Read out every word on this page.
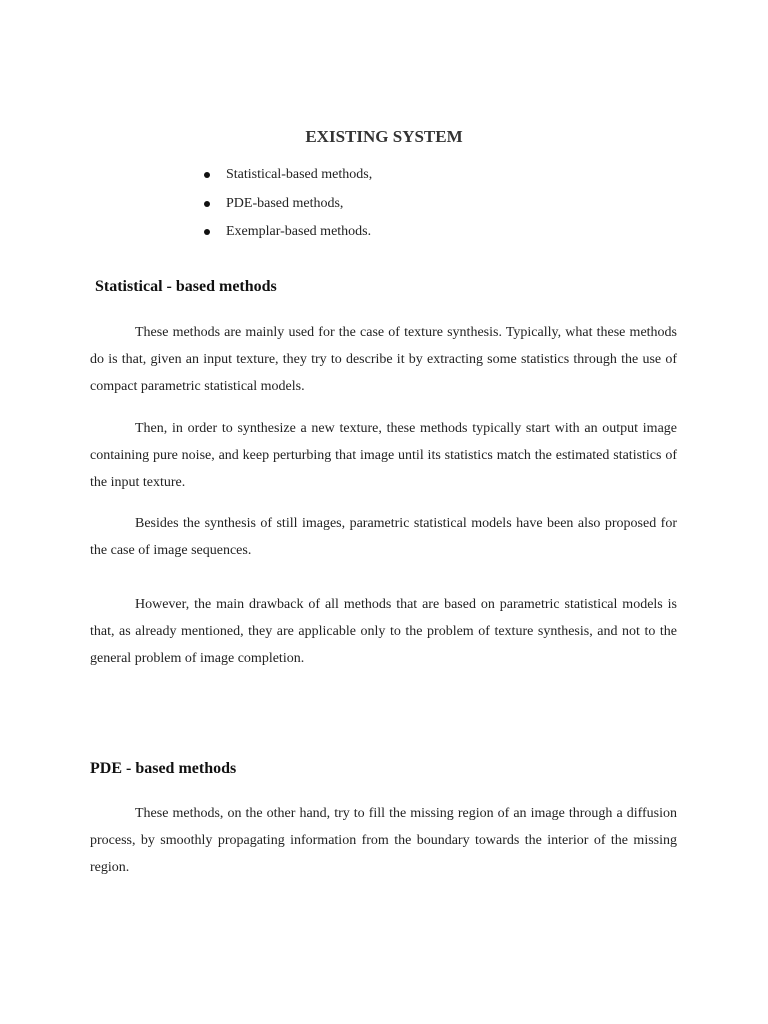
EXISTING SYSTEM
Statistical-based methods,
PDE-based methods,
Exemplar-based methods.
Statistical - based methods

These methods are mainly used for the case of texture synthesis. Typically, what these methods do is that, given an input texture, they try to describe it by extracting some statistics through the use of compact parametric statistical models.

Then, in order to synthesize a new texture, these methods typically start with an output image containing pure noise, and keep perturbing that image until its statistics match the estimated statistics of the input texture.

Besides the synthesis of still images, parametric statistical models have been also proposed for the case of image sequences.

However, the main drawback of all methods that are based on parametric statistical models is that, as already mentioned, they are applicable only to the problem of texture synthesis, and not to the general problem of image completion.

PDE - based methods

These methods, on the other hand, try to fill the missing region of an image through a diffusion process, by smoothly propagating information from the boundary towards the interior of the missing region.
